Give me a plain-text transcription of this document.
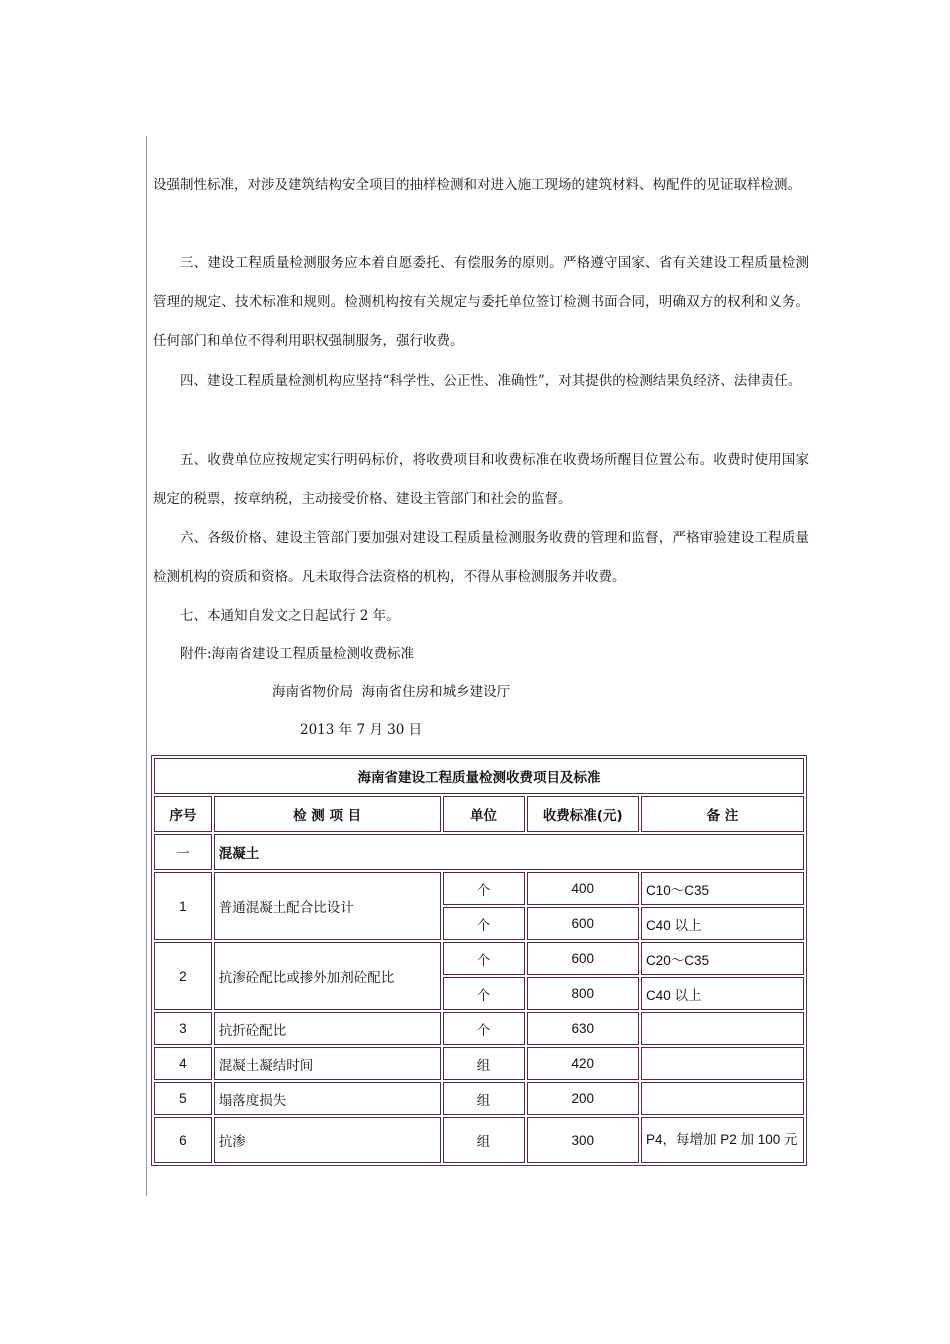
设强制性标准，对涉及建筑结构安全项目的抽样检测和对进入施工现场的建筑材料、构配件的见证取样检测。

三、建设工程质量检测服务应本着自愿委托、有偿服务的原则。严格遵守国家、省有关建设工程质量检测管理的规定、技术标准和规则。检测机构按有关规定与委托单位签订检测书面合同，明确双方的权利和义务。任何部门和单位不得利用职权强制服务，强行收费。

四、建设工程质量检测机构应坚持“科学性、公正性、准确性”，对其提供的检测结果负经济、法律责任。

五、收费单位应按规定实行明码标价，将收费项目和收费标准在收费场所醒目位置公布。收费时使用国家规定的税票，按章纳税，主动接受价格、建设主管部门和社会的监督。

六、各级价格、建设主管部门要加强对建设工程质量检测服务收费的管理和监督，严格审验建设工程质量检测机构的资质和资格。凡未取得合法资格的机构，不得从事检测服务并收费。

七、本通知自发文之日起试行 2 年。

附件:海南省建设工程质量检测收费标准

海南省物价局  海南省住房和城乡建设厅
2013 年 7 月 30 日
海南省建设工程质量检测收费项目及标准				
序号	检 测 项 目	单位	收费标准(元)	备 注
一	混凝土			
1	普通混凝土配合比设计	个	400	C10～C35
		个	600	C40 以上
2	抗渗砼配比或掺外加剂砼配比	个	600	C20～C35
		个	800	C40 以上
3	抗折砼配比	个	630	
4	混凝土凝结时间	组	420	
5	塌落度损失	组	200	
6	抗渗	组	300	P4，每增加 P2 加 100 元
